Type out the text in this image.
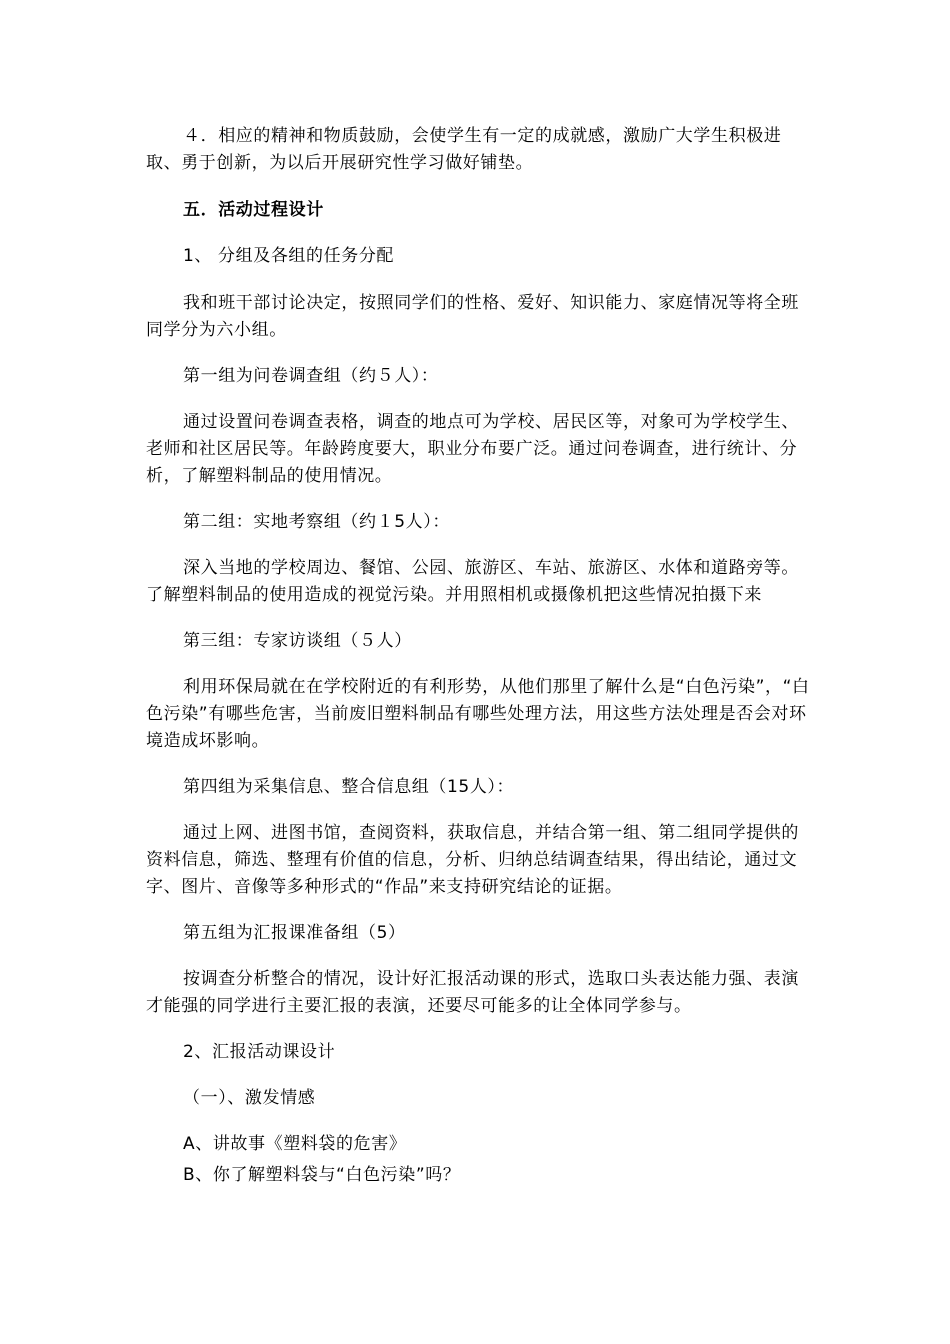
４．相应的精神和物质鼓励，会使学生有一定的成就感，激励广大学生积极进取、勇于创新，为以后开展研究性学习做好铺垫。

五．活动过程设计

1、 分组及各组的任务分配

我和班干部讨论决定，按照同学们的性格、爱好、知识能力、家庭情况等将全班同学分为六小组。

第一组为问卷调查组（约５人）：

通过设置问卷调查表格，调查的地点可为学校、居民区等，对象可为学校学生、老师和社区居民等。年龄跨度要大，职业分布要广泛。通过问卷调查，进行统计、分析，了解塑料制品的使用情况。

第二组：实地考察组（约１5人）：

深入当地的学校周边、餐馆、公园、旅游区、车站、旅游区、水体和道路旁等。了解塑料制品的使用造成的视觉污染。并用照相机或摄像机把这些情况拍摄下来

第三组：专家访谈组（５人）

利用环保局就在在学校附近的有利形势，从他们那里了解什么是“白色污染”，“白色污染”有哪些危害，当前废旧塑料制品有哪些处理方法，用这些方法处理是否会对环境造成坏影响。

第四组为采集信息、整合信息组（15人）：

通过上网、进图书馆，查阅资料，获取信息，并结合第一组、第二组同学提供的资料信息，筛选、整理有价值的信息，分析、归纳总结调查结果，得出结论，通过文字、图片、音像等多种形式的“作品”来支持研究结论的证据。

第五组为汇报课准备组（5）

按调查分析整合的情况，设计好汇报活动课的形式，选取口头表达能力强、表演才能强的同学进行主要汇报的表演，还要尽可能多的让全体同学参与。

2、汇报活动课设计

（一）、激发情感

A、讲故事《塑料袋的危害》

B、你了解塑料袋与“白色污染”吗？
